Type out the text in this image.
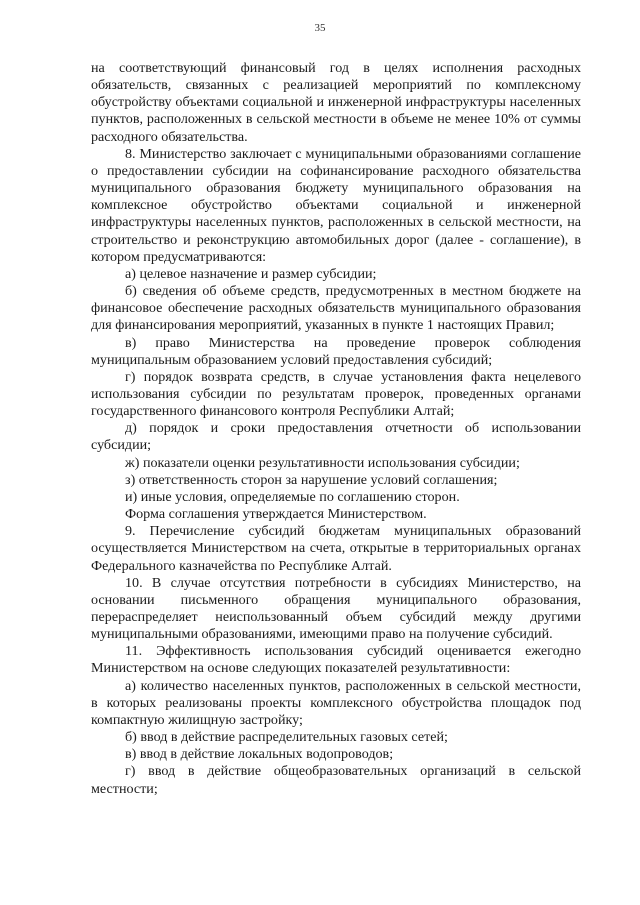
35

на соответствующий финансовый год в целях исполнения расходных обязательств, связанных с реализацией мероприятий по комплексному обустройству объектами социальной и инженерной инфраструктуры населенных пунктов, расположенных в сельской местности в объеме не менее 10% от суммы расходного обязательства.

8. Министерство заключает с муниципальными образованиями соглашение о предоставлении субсидии на софинансирование расходного обязательства муниципального образования бюджету муниципального образования на комплексное обустройство объектами социальной и инженерной инфраструктуры населенных пунктов, расположенных в сельской местности, на строительство и реконструкцию автомобильных дорог (далее - соглашение), в котором предусматриваются:

а) целевое назначение и размер субсидии;

б) сведения об объеме средств, предусмотренных в местном бюджете на финансовое обеспечение расходных обязательств муниципального образования для финансирования мероприятий, указанных в пункте 1 настоящих Правил;

в) право Министерства на проведение проверок соблюдения муниципальным образованием условий предоставления субсидий;

г) порядок возврата средств, в случае установления факта нецелевого использования субсидии по результатам проверок, проведенных органами государственного финансового контроля Республики Алтай;

д) порядок и сроки предоставления отчетности об использовании субсидии;

ж) показатели оценки результативности использования субсидии;

з) ответственность сторон за нарушение условий соглашения;

и) иные условия, определяемые по соглашению сторон.

Форма соглашения утверждается Министерством.

9. Перечисление субсидий бюджетам муниципальных образований осуществляется Министерством на счета, открытые в территориальных органах Федерального казначейства по Республике Алтай.

10. В случае отсутствия потребности в субсидиях Министерство, на основании письменного обращения муниципального образования, перераспределяет неиспользованный объем субсидий между другими муниципальными образованиями, имеющими право на получение субсидий.

11. Эффективность использования субсидий оценивается ежегодно Министерством на основе следующих показателей результативности:

а) количество населенных пунктов, расположенных в сельской местности, в которых реализованы проекты комплексного обустройства площадок под компактную жилищную застройку;

б) ввод в действие распределительных газовых сетей;

в) ввод в действие локальных водопроводов;

г) ввод в действие общеобразовательных организаций в сельской местности;
